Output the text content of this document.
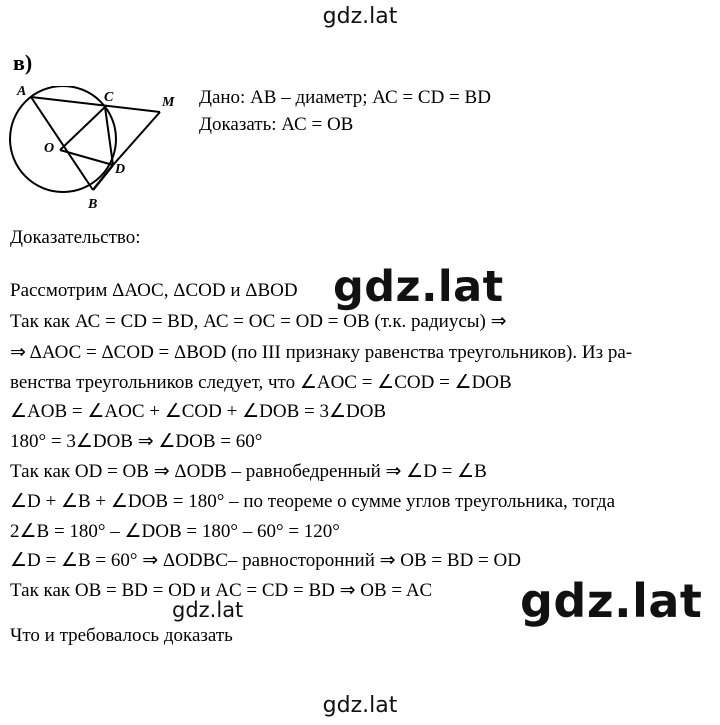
gdz.lat
в)
A	C	M
O
D
B
Дано: АВ – диаметр; АС = CD = BD
Доказать: АС = ОВ
Доказательство:
Рассмотрим ΔАОС, ΔCOD и ΔBOD
Так как АС = CD = BD, АС = ОС = OD = ОВ (т.к. радиусы) ⇒
⇒ ΔАОС = ΔCOD = ΔBOD (по III признаку равенства треугольников). Из ра-
венства треугольников следует, что ∠AOC = ∠COD = ∠DOB
∠AOB = ∠AOC + ∠COD + ∠DOB = 3∠DOB
180° = 3∠DOB ⇒ ∠DOB = 60°
Так как OD = OB ⇒ ΔODB – равнобедренный ⇒ ∠D = ∠B
∠D + ∠B + ∠DOB = 180° – по теореме о сумме углов треугольника, тогда
2∠B = 180° – ∠DOB = 180° – 60° = 120°
∠D = ∠B = 60° ⇒ ΔODBC– равносторонний ⇒ OB = BD = OD
Так как OB = BD = OD и AC = CD = BD ⇒ OB = AC
Что и требовалось доказать
gdz.lat
gdz.lat
gdz.lat
gdz.lat
